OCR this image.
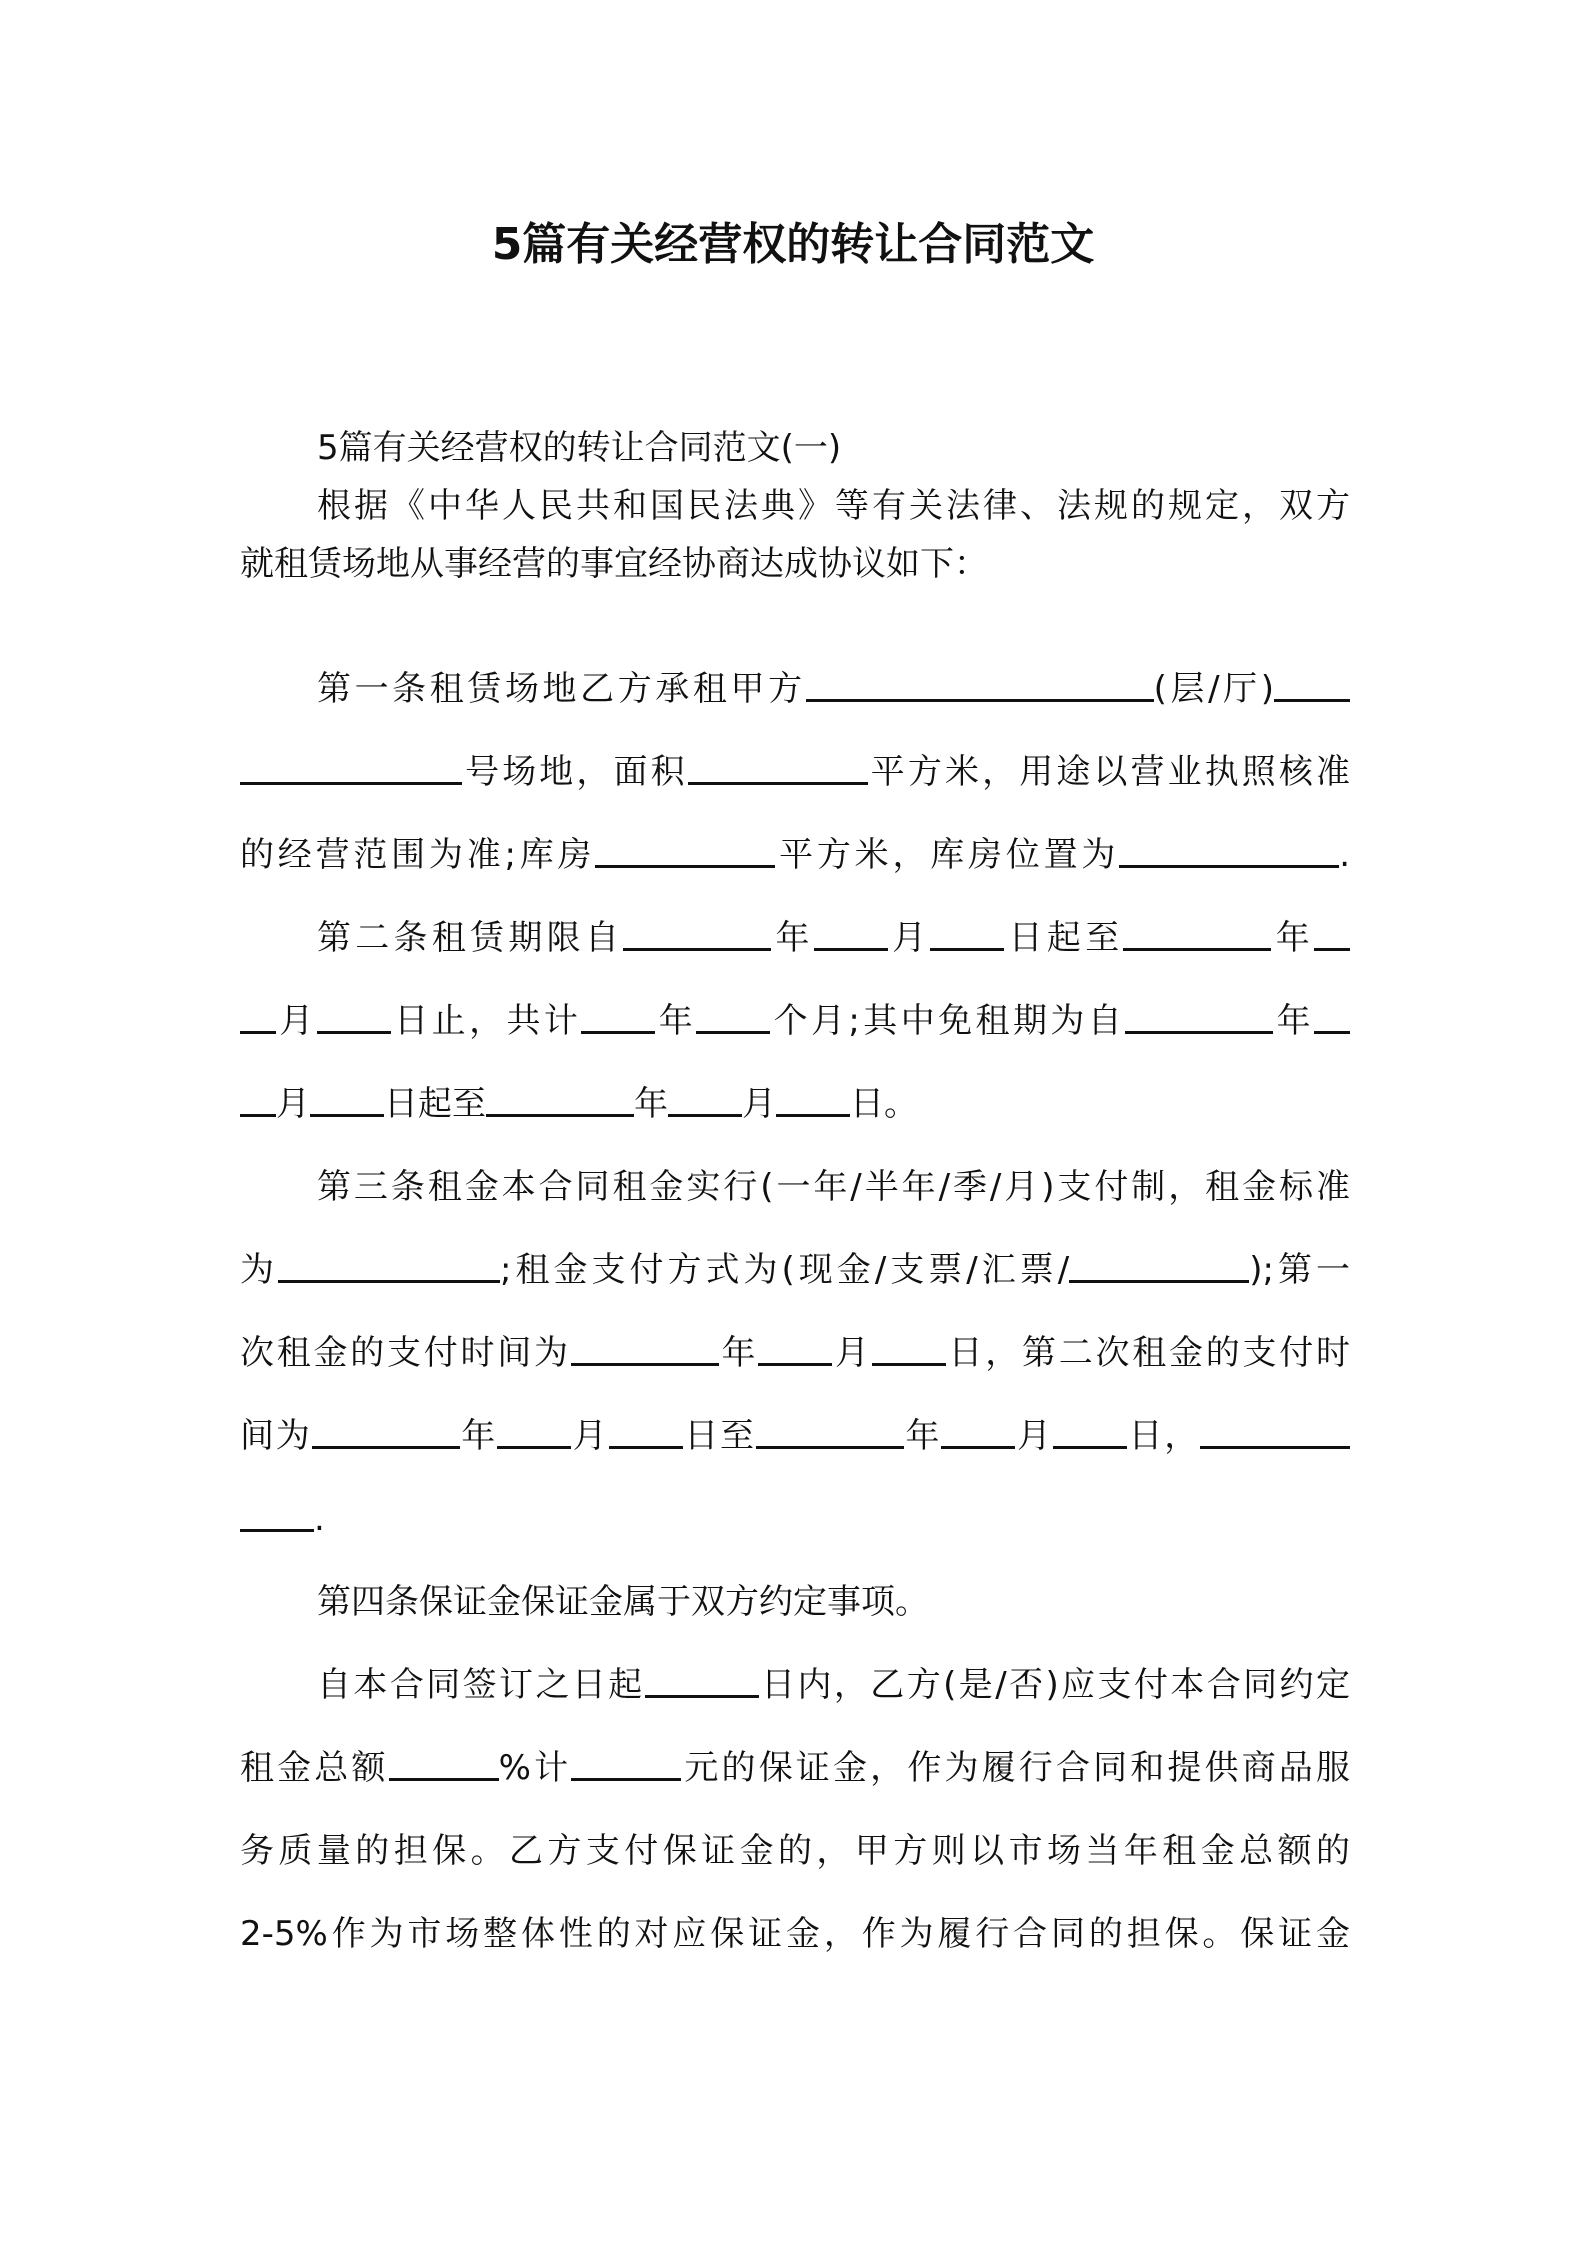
5篇有关经营权的转让合同范文
5篇有关经营权的转让合同范文(一)
根据《中华人民共和国民法典》等有关法律、法规的规定，双方
就租赁场地从事经营的事宜经协商达成协议如下：
第一条租赁场地乙方承租甲方	(层/厅)
号场地，面积	平方米，用途以营业执照核准
的经营范围为准;库房	平方米，库房位置为	.
第二条租赁期限自	年 月 日起至	年
月 日止，共计 年 个月;其中免租期为自	年
月 日起至	年 月 日。
第三条租金本合同租金实行(一年/半年/季/月)支付制，租金标准
为	;租金支付方式为(现金/支票/汇票/	);第一
次租金的支付时间为	年 月 日，第二次租金的支付时
间为	年 月 日至	年 月 日，
.
第四条保证金保证金属于双方约定事项。
自本合同签订之日起	日内，乙方(是/否)应支付本合同约定
租金总额	%计	元的保证金，作为履行合同和提供商品服
务质量的担保。乙方支付保证金的，甲方则以市场当年租金总额的
2-5%作为市场整体性的对应保证金，作为履行合同的担保。保证金
